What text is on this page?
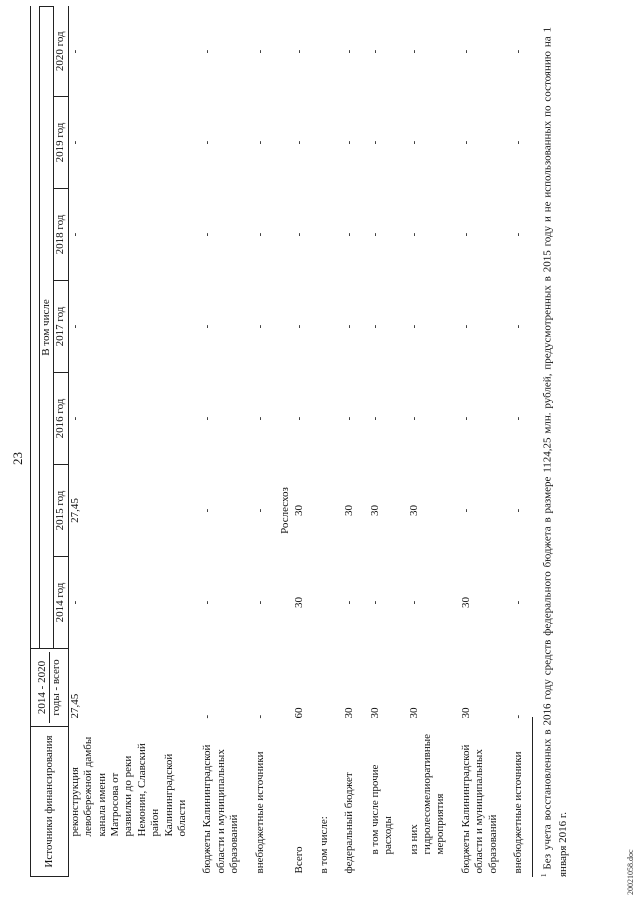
23
Источники финансирования	2014 - 2020 годы - всего							

		В том числе						
		2014 год	2015 год	2016 год	2017 год	2018 год	2019 год	2020 год
реконструкция левобережной дамбы канала имени Матросова от развилки до реки Немонин, Славский район Калининградской области	27,45	-	27,45	-	-	-	-	-

бюджеты Калининградской области и муниципальных образований	-	-	-	-	-	-	-	-

внебюджетные источники	-	-	-	-	-	-	-	-

			Рослесхоз					
Всего	60	30	30	-	-	-	-	-

в том числе:								

федеральный бюджет	30	-	30	-	-	-	-	-

в том числе прочие расходы	30	-	30	-	-	-	-	-

из них гидролесомелиоративные мероприятия	30	-	30	-	-	-	-	-

бюджеты Калининградской области и муниципальных образований	30	30	-	-	-	-	-	-

внебюджетные источники	-	-	-	-	-	-	-	-

$^1$ Без учета восстановленных в 2016 году средств федерального бюджета в размере 1124,25 млн. рублей, предусмотренных в 2015 году и не использованных по состоянию на 1 января 2016 г.	20021058.doc
